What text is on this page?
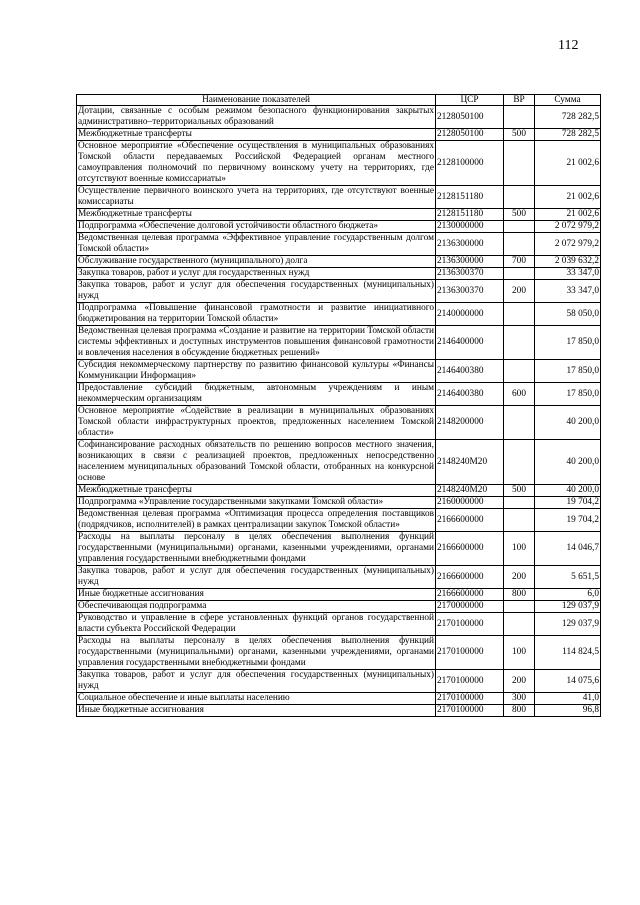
112
Наименование показателей	ЦСР	ВР	Сумма
Дотации, связанные с особым режимом безопасного функционирования закрытых административно–территориальных образований	2128050100		728 282,5
Межбюджетные трансферты	2128050100	500	728 282,5
Основное мероприятие «Обеспечение осуществления в муниципальных образованиях Томской области передаваемых Российской Федерацией органам местного самоуправления полномочий по первичному воинскому учету на территориях, где отсутствуют военные комиссариаты»	2128100000		21 002,6
Осуществление первичного воинского учета на территориях, где отсутствуют военные комиссариаты	2128151180		21 002,6
Межбюджетные трансферты	2128151180	500	21 002,6
Подпрограмма «Обеспечение долговой устойчивости областного бюджета»	2130000000		2 072 979,2
Ведомственная целевая программа «Эффективное управление государственным долгом Томской области»	2136300000		2 072 979,2
Обслуживание государственного (муниципального) долга	2136300000	700	2 039 632,2
Закупка товаров, работ и услуг для государственных нужд	2136300370		33 347,0
Закупка товаров, работ и услуг для обеспечения государственных (муниципальных) нужд	2136300370	200	33 347,0
Подпрограмма «Повышение финансовой грамотности и развитие инициативного бюджетирования на территории Томской области»	2140000000		58 050,0
Ведомственная целевая программа «Создание и развитие на территории Томской области системы эффективных и доступных инструментов повышения финансовой грамотности и вовлечения населения в обсуждение бюджетных решений»	2146400000		17 850,0
Субсидия некоммерческому партнерству по развитию финансовой культуры «Финансы Коммуникации Информация»	2146400380		17 850,0
Предоставление субсидий бюджетным, автономным учреждениям и иным некоммерческим организациям	2146400380	600	17 850,0
Основное мероприятие «Содействие в реализации в муниципальных образованиях Томской области инфраструктурных проектов, предложенных населением Томской области»	2148200000		40 200,0
Софинансирование расходных обязательств по решению вопросов местного значения, возникающих в связи с реализацией проектов, предложенных непосредственно населением муниципальных образований Томской области, отобранных на конкурсной основе	2148240M20		40 200,0
Межбюджетные трансферты	2148240M20	500	40 200,0
Подпрограмма «Управление государственными закупками Томской области»	2160000000		19 704,2
Ведомственная целевая программа «Оптимизация процесса определения поставщиков (подрядчиков, исполнителей) в рамках централизации закупок Томской области»	2166600000		19 704,2
Расходы на выплаты персоналу в целях обеспечения выполнения функций государственными (муниципальными) органами, казенными учреждениями, органами управления государственными внебюджетными фондами	2166600000	100	14 046,7
Закупка товаров, работ и услуг для обеспечения государственных (муниципальных) нужд	2166600000	200	5 651,5
Иные бюджетные ассигнования	2166600000	800	6,0
Обеспечивающая подпрограмма	2170000000		129 037,9
Руководство и управление в сфере установленных функций органов государственной власти субъекта Российской Федерации	2170100000		129 037,9
Расходы на выплаты персоналу в целях обеспечения выполнения функций государственными (муниципальными) органами, казенными учреждениями, органами управления государственными внебюджетными фондами	2170100000	100	114 824,5
Закупка товаров, работ и услуг для обеспечения государственных (муниципальных) нужд	2170100000	200	14 075,6
Социальное обеспечение и иные выплаты населению	2170100000	300	41,0
Иные бюджетные ассигнования	2170100000	800	96,8
